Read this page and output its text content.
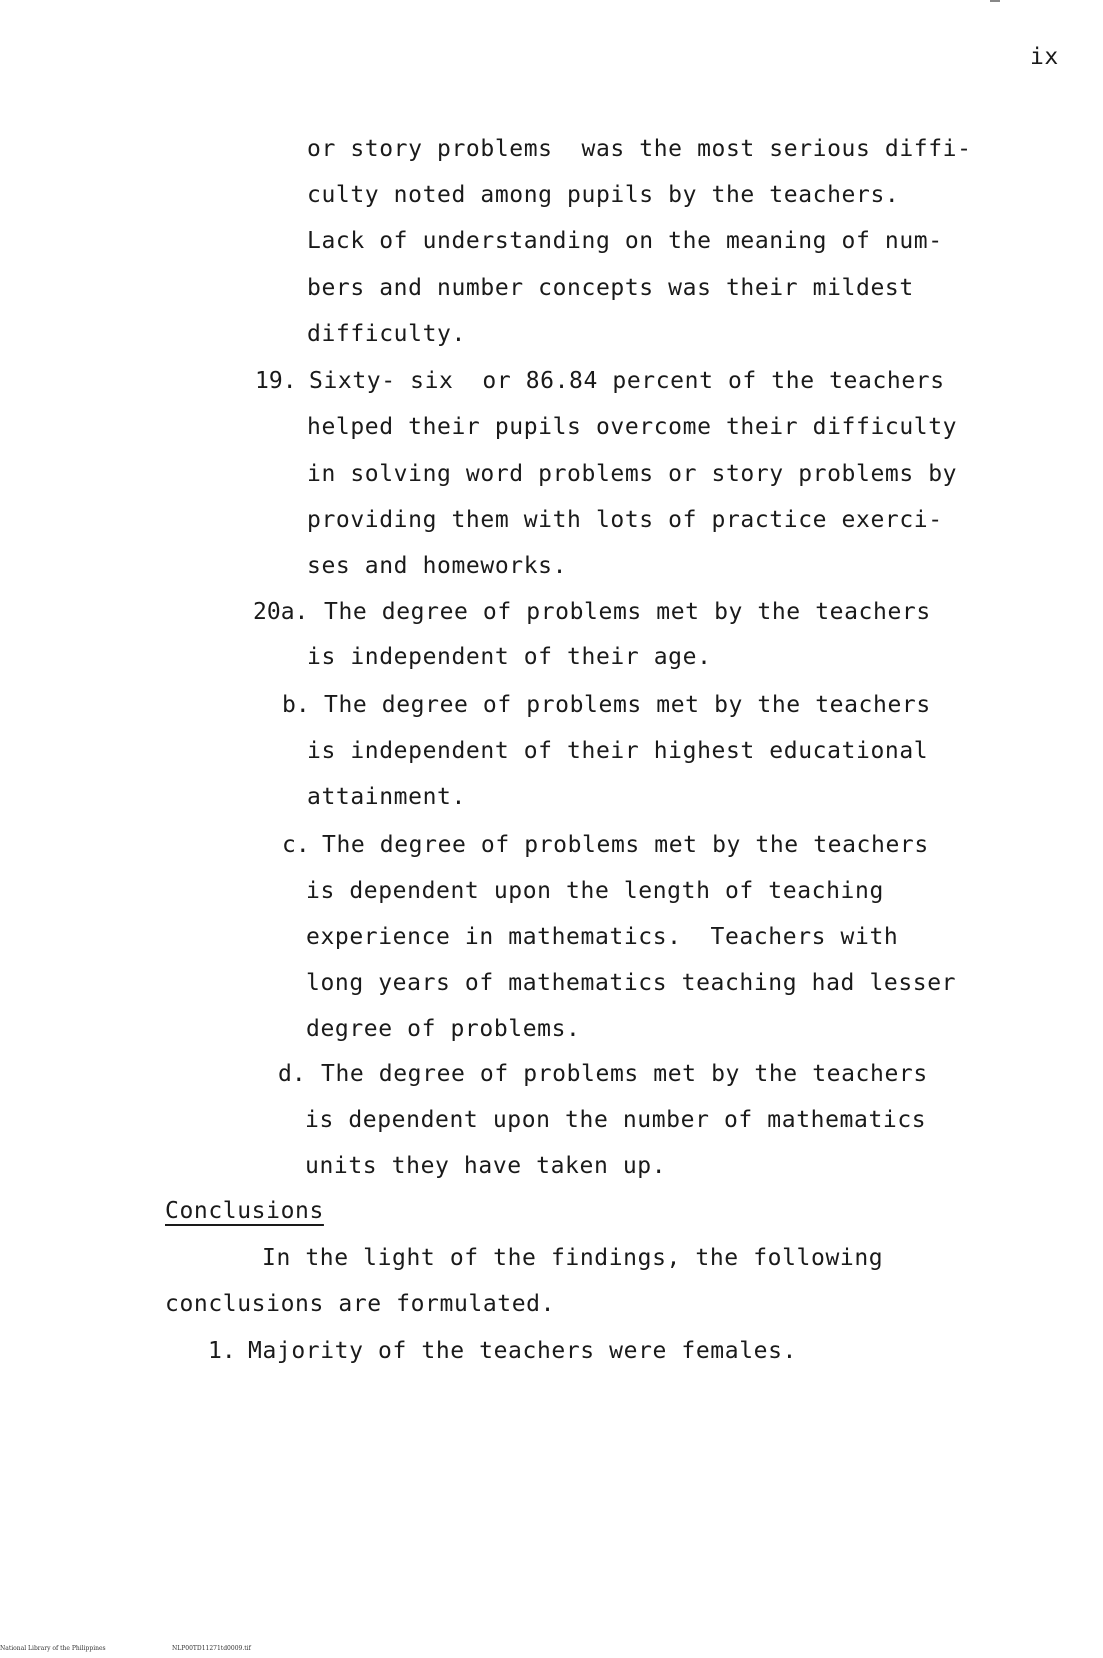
ix
or story problems  was the most serious diffi-
culty noted among pupils by the teachers.
Lack of understanding on the meaning of num-
bers and number concepts was their mildest
difficulty.
19. Sixty- six  or 86.84 percent of the teachers
helped their pupils overcome their difficulty
in solving word problems or story problems by
providing them with lots of practice exerci-
ses and homeworks.
20a. The degree of problems met by the teachers
is independent of their age.
b. The degree of problems met by the teachers
is independent of their highest educational
attainment.
c. The degree of problems met by the teachers
is dependent upon the length of teaching
experience in mathematics.  Teachers with
long years of mathematics teaching had lesser
degree of problems.
d. The degree of problems met by the teachers
is dependent upon the number of mathematics
units they have taken up.
Conclusions
In the light of the findings, the following
conclusions are formulated.
1. Majority of the teachers were females.
National Library of the Philippines	NLP00TD11271td0009.tif
